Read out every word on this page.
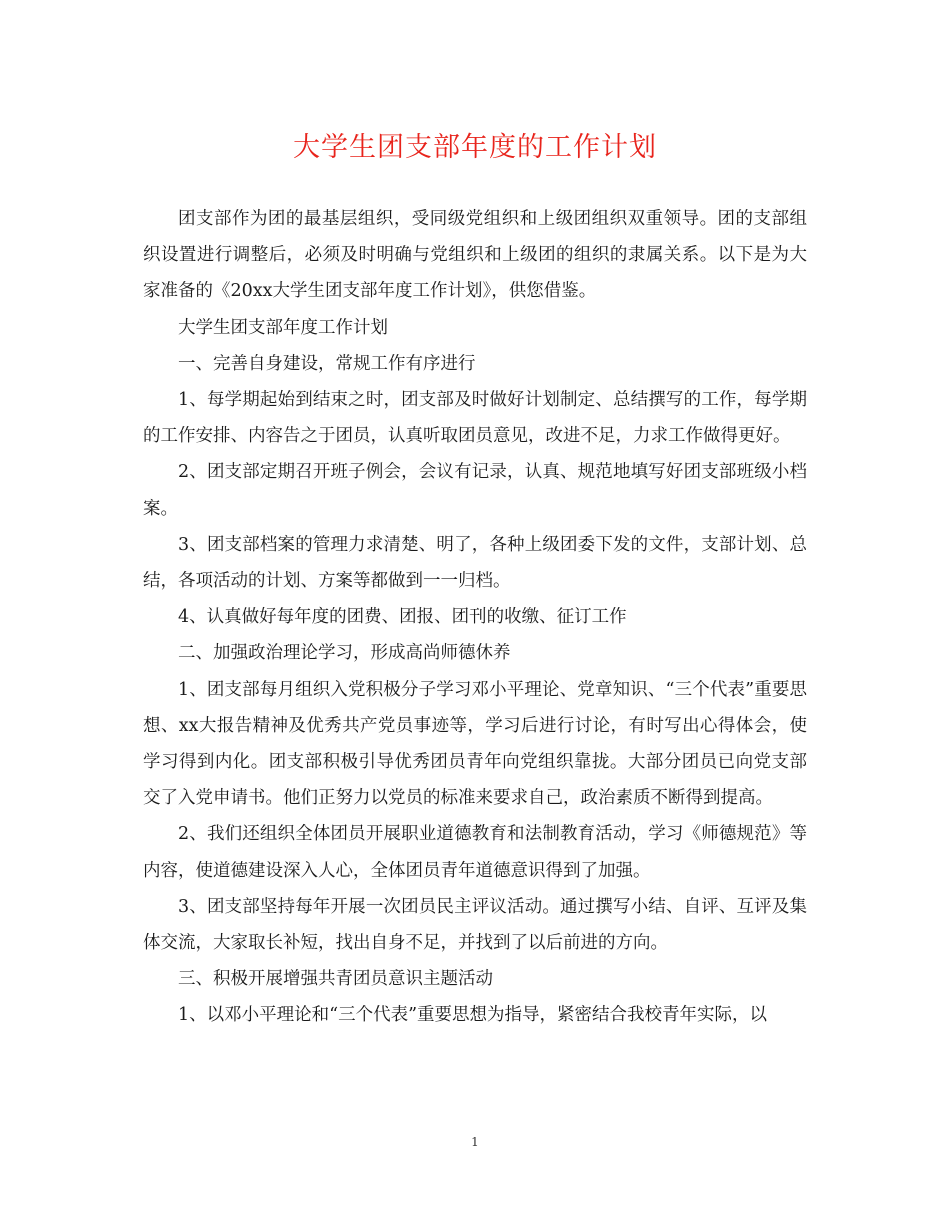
大学生团支部年度的工作计划

团支部作为团的最基层组织，受同级党组织和上级团组织双重领导。团的支部组织设置进行调整后，必须及时明确与党组织和上级团的组织的隶属关系。以下是为大家准备的《20xx大学生团支部年度工作计划》，供您借鉴。

大学生团支部年度工作计划

一、完善自身建设，常规工作有序进行

1、每学期起始到结束之时，团支部及时做好计划制定、总结撰写的工作，每学期的工作安排、内容告之于团员，认真听取团员意见，改进不足，力求工作做得更好。

2、团支部定期召开班子例会，会议有记录，认真、规范地填写好团支部班级小档案。

3、团支部档案的管理力求清楚、明了，各种上级团委下发的文件，支部计划、总结，各项活动的计划、方案等都做到一一归档。

4、认真做好每年度的团费、团报、团刊的收缴、征订工作

二、加强政治理论学习，形成高尚师德休养

1、团支部每月组织入党积极分子学习邓小平理论、党章知识、“三个代表”重要思想、xx大报告精神及优秀共产党员事迹等，学习后进行讨论，有时写出心得体会，使学习得到内化。团支部积极引导优秀团员青年向党组织靠拢。大部分团员已向党支部交了入党申请书。他们正努力以党员的标准来要求自己，政治素质不断得到提高。

2、我们还组织全体团员开展职业道德教育和法制教育活动，学习《师德规范》等内容，使道德建设深入人心，全体团员青年道德意识得到了加强。

3、团支部坚持每年开展一次团员民主评议活动。通过撰写小结、自评、互评及集体交流，大家取长补短，找出自身不足，并找到了以后前进的方向。

三、积极开展增强共青团员意识主题活动

1、以邓小平理论和“三个代表”重要思想为指导，紧密结合我校青年实际，以

1
